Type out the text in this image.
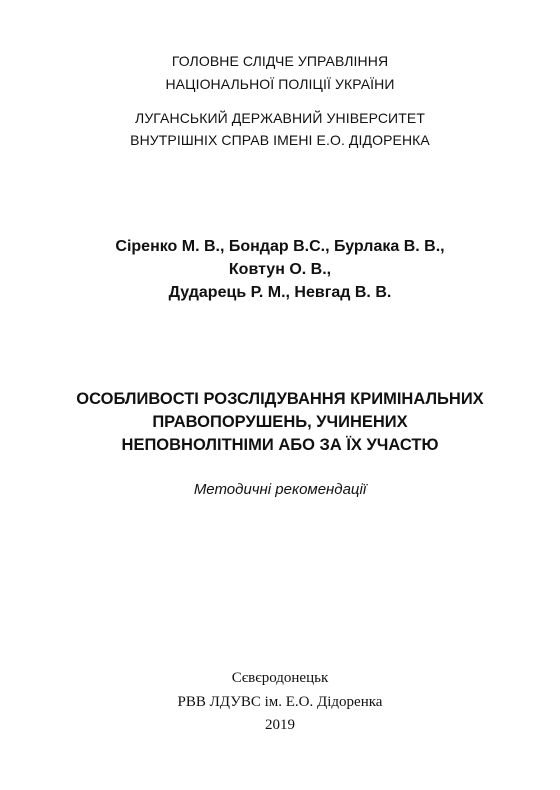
ГОЛОВНЕ СЛІДЧЕ УПРАВЛІННЯ
НАЦІОНАЛЬНОЇ ПОЛІЦІЇ УКРАЇНИ
ЛУГАНСЬКИЙ ДЕРЖАВНИЙ УНІВЕРСИТЕТ
ВНУТРІШНІХ СПРАВ ІМЕНІ Е.О. ДІДОРЕНКА
Сіренко М. В., Бондар В.С., Бурлака В. В.,
Ковтун О. В.,
Дударець Р. М., Невгад В. В.
ОСОБЛИВОСТІ РОЗСЛІДУВАННЯ КРИМІНАЛЬНИХ
ПРАВОПОРУШЕНЬ, УЧИНЕНИХ
НЕПОВНОЛІТНІМИ АБО ЗА ЇХ УЧАСТЮ
Методичні рекомендації
Сєвєродонецьк
РВВ ЛДУВС ім. Е.О. Дідоренка
2019
